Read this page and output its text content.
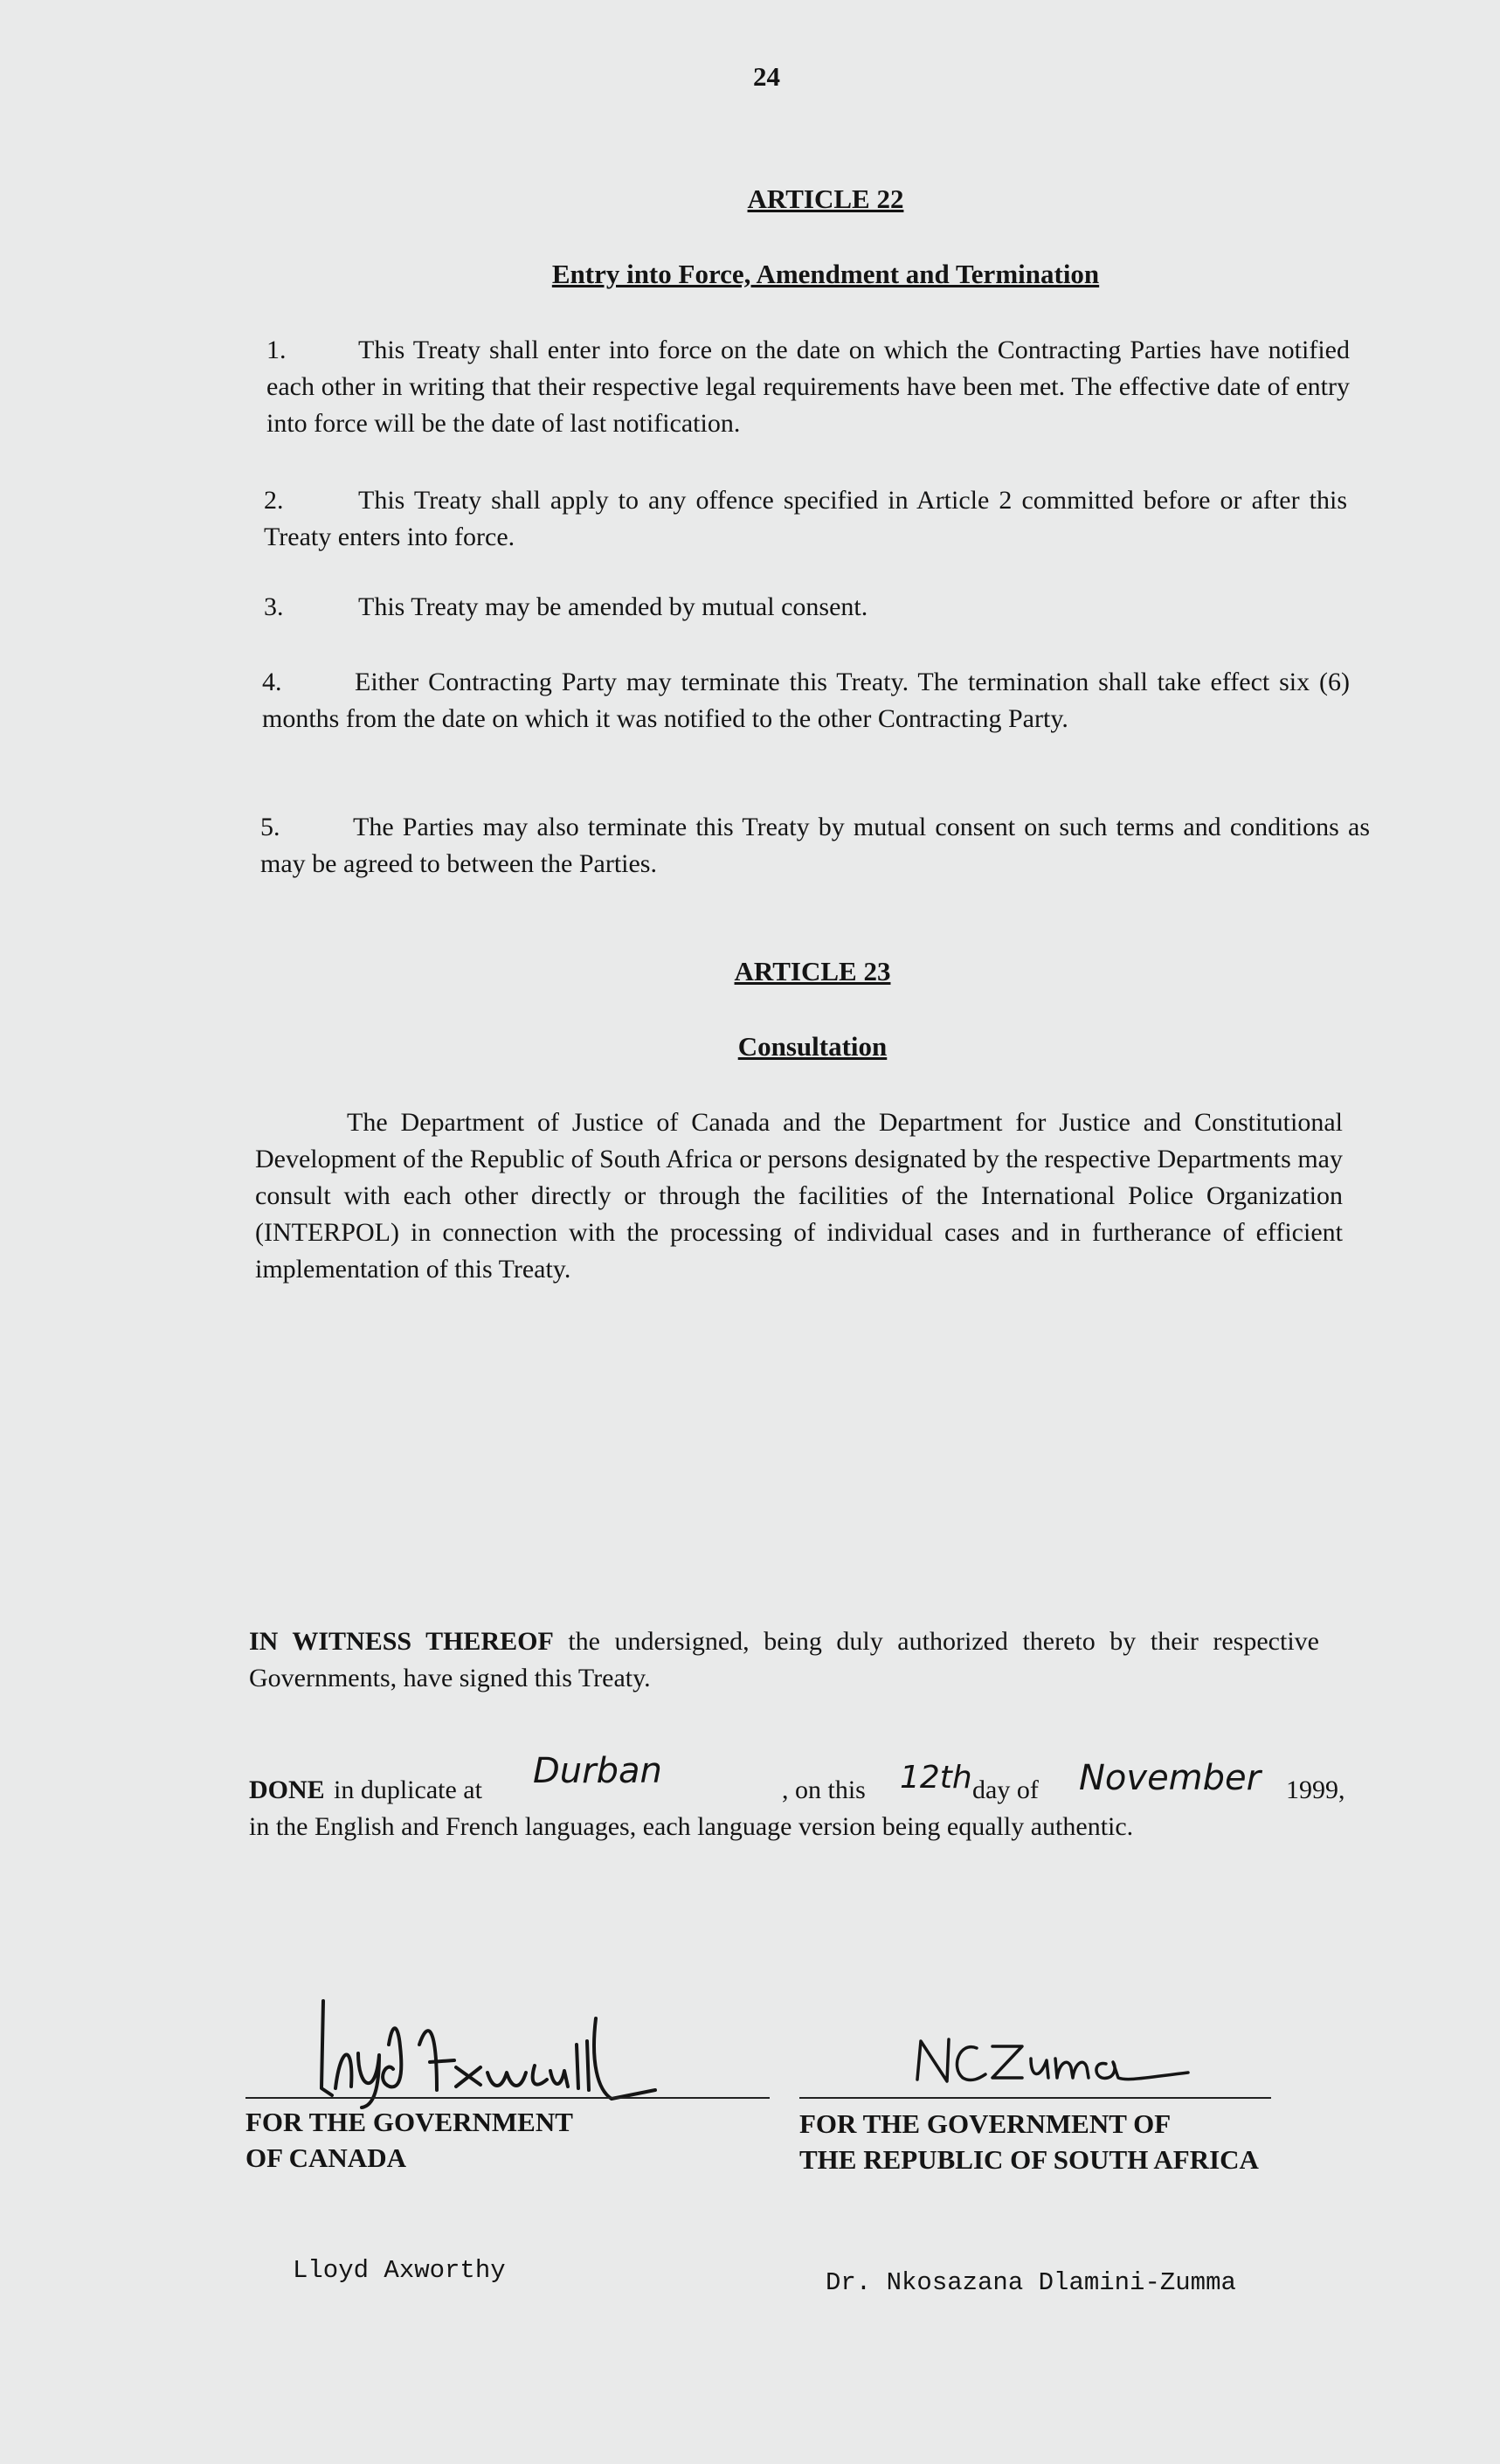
24
ARTICLE 22
Entry into Force, Amendment and Termination
1.	This Treaty shall enter into force on the date on which the Contracting Parties have notified each other in writing that their respective legal requirements have been met. The effective date of entry into force will be the date of last notification.
2.	This Treaty shall apply to any offence specified in Article 2 committed before or after this Treaty enters into force.
3.	This Treaty may be amended by mutual consent.
4.	Either Contracting Party may terminate this Treaty. The termination shall take effect six (6) months from the date on which it was notified to the other Contracting Party.
5.	The Parties may also terminate this Treaty by mutual consent on such terms and conditions as may be agreed to between the Parties.
ARTICLE 23
Consultation
The Department of Justice of Canada and the Department for Justice and Constitutional Development of the Republic of South Africa or persons designated by the respective Departments may consult with each other directly or through the facilities of the International Police Organization (INTERPOL) in connection with the processing of individual cases and in furtherance of efficient implementation of this Treaty.
IN WITNESS THEREOF the undersigned, being duly authorized thereto by their respective Governments, have signed this Treaty.
DONE in duplicate at Durban	, on this 12th day of November 1999,
in the English and French languages, each language version being equally authentic.
FOR THE GOVERNMENT
OF CANADA
Lloyd Axworthy
FOR THE GOVERNMENT OF
THE REPUBLIC OF SOUTH AFRICA
Dr. Nkosazana Dlamini-Zumma
